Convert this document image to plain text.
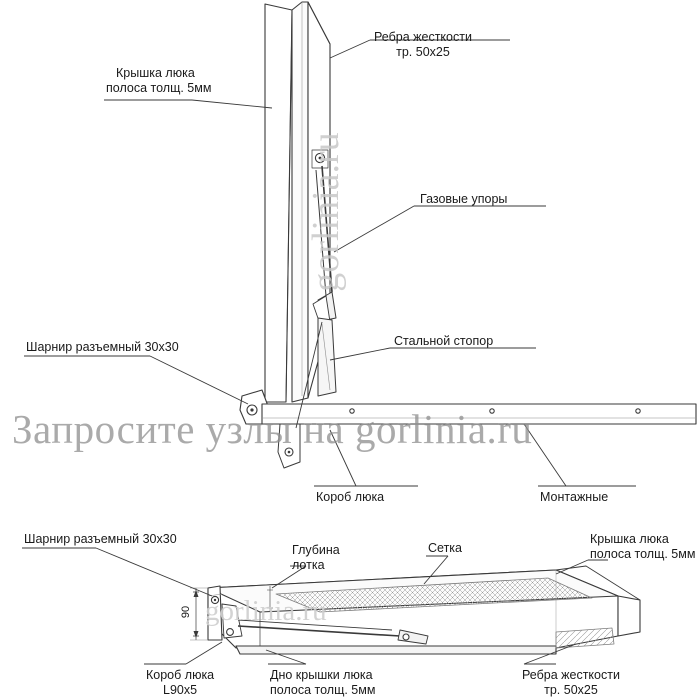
gorlinia.ru
gorlinia.ru
Запросите узлы на gorlinia.ru
Ребра жесткости
тр. 50х25
Крышка люка
полоса толщ. 5мм
Газовые упоры
Шарнир разъемный 30х30	Стальной стопор
Короб люка	Монтажные
Шарнир разъемный 30х30
Глубина
лотка
Сетка
Крышка люка
полоса толщ. 5мм
Короб люка
L90х5
Дно крышки люка
полоса толщ. 5мм
Ребра жесткости
тр. 50х25
90
